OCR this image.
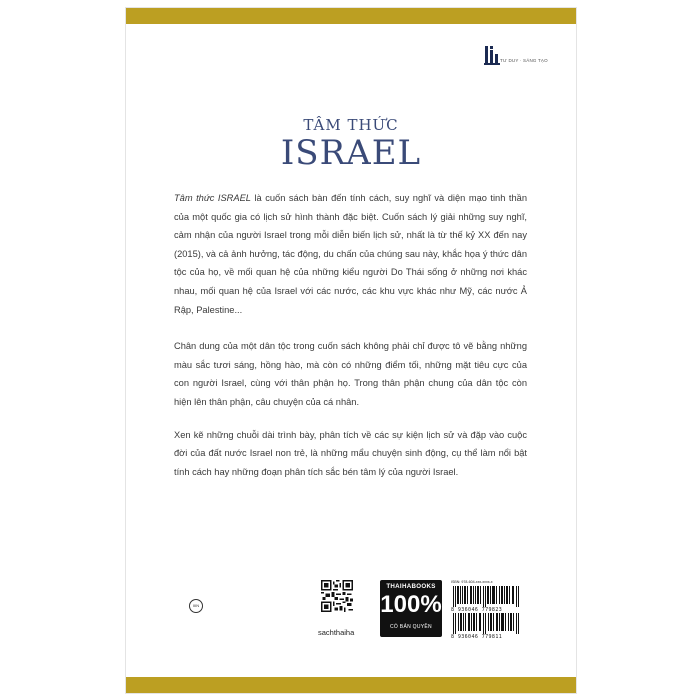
TƯ DUY · SÁNG TẠO
TÂM THỨC
ISRAEL

Tâm thức ISRAEL là cuốn sách bàn đến tính cách, suy nghĩ và diện mạo tinh thần của một quốc gia có lịch sử hình thành đặc biệt. Cuốn sách lý giải những suy nghĩ, cảm nhận của người Israel trong mỗi diễn biến lịch sử, nhất là từ thế kỷ XX đến nay (2015), và cả ảnh hưởng, tác động, du chấn của chúng sau này, khắc họa ý thức dân tộc của họ, về mối quan hệ của những kiểu người Do Thái sống ở những nơi khác nhau, mối quan hệ của Israel với các nước, các khu vực khác như Mỹ, các nước Ả Rập, Palestine...

Chân dung của một dân tộc trong cuốn sách không phải chỉ được tô vẽ bằng những màu sắc tươi sáng, hồng hào, mà còn có những điểm tối, những mặt tiêu cực của con người Israel, cùng với thân phận họ. Trong thân phận chung của dân tộc còn hiện lên thân phận, câu chuyện của cá nhân.

Xen kẽ những chuỗi dài trình bày, phân tích về các sự kiện lịch sử và đặp vào cuộc đời của đất nước Israel non trẻ, là những mẩu chuyện sinh động, cụ thể làm nổi bật tính cách hay những đoạn phân tích sắc bén tâm lý của người Israel.

IIIN
sachthaiha
THAIHABOOKS
100%
CÓ BẢN QUYỀN
ISBN: 978-604-xxx-xxxx-x
8 936046 779823
8 936046 779811
